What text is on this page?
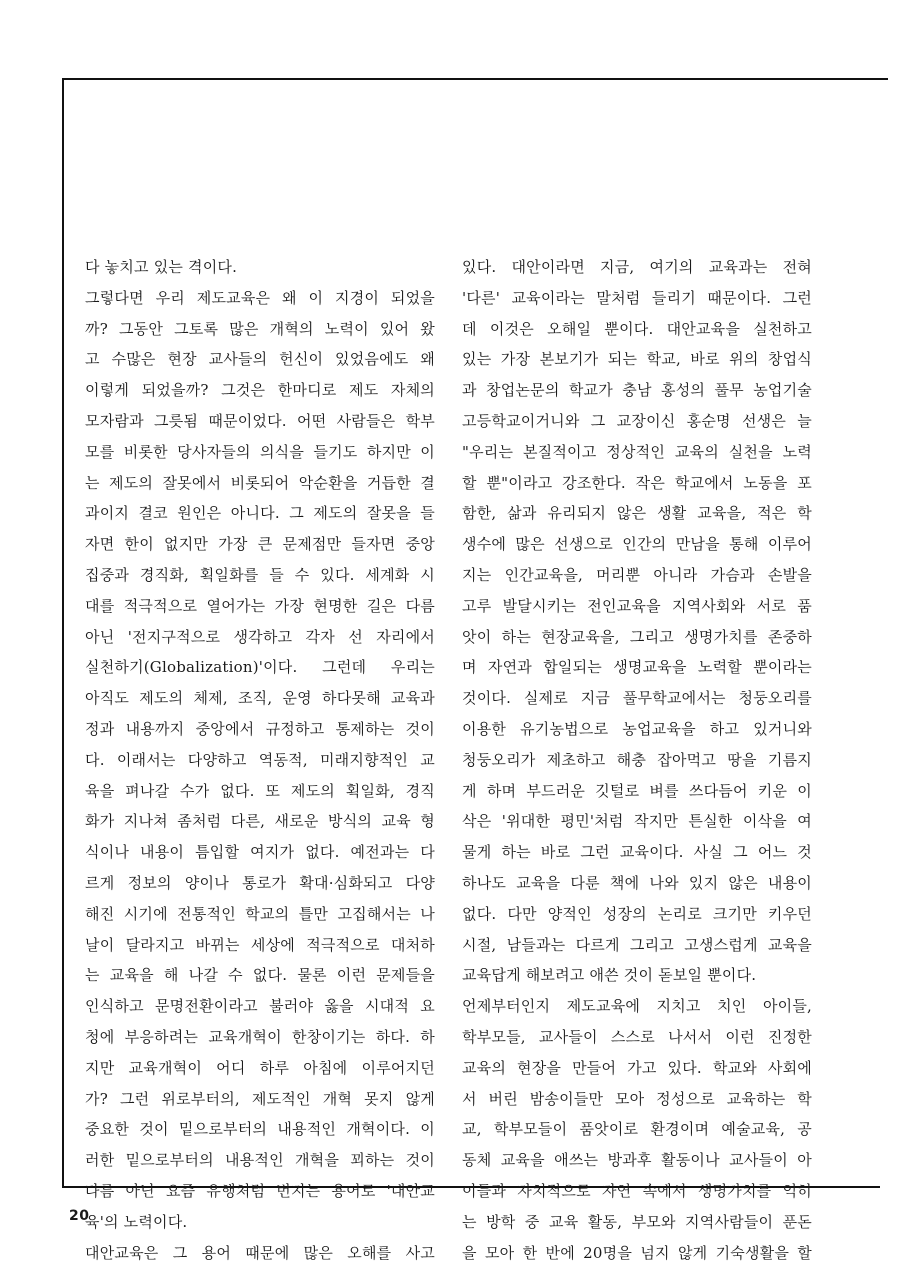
다 놓치고 있는 격이다.
그렇다면 우리 제도교육은 왜 이 지경이 되었을
까? 그동안 그토록 많은 개혁의 노력이 있어 왔
고 수많은 현장 교사들의 헌신이 있었음에도 왜
이렇게 되었을까? 그것은 한마디로 제도 자체의
모자람과 그릇됨 때문이었다. 어떤 사람들은 학부
모를 비롯한 당사자들의 의식을 들기도 하지만 이
는 제도의 잘못에서 비롯되어 악순환을 거듭한 결
과이지 결코 원인은 아니다. 그 제도의 잘못을 들
자면 한이 없지만 가장 큰 문제점만 들자면 중앙
집중과 경직화, 획일화를 들 수 있다. 세계화 시
대를 적극적으로 열어가는 가장 현명한 길은 다름
아닌 '전지구적으로 생각하고 각자 선 자리에서
실천하기(Globalization)'이다. 그런데 우리는
아직도 제도의 체제, 조직, 운영 하다못해 교육과
정과 내용까지 중앙에서 규정하고 통제하는 것이
다. 이래서는 다양하고 역동적, 미래지향적인 교
육을 펴나갈 수가 없다. 또 제도의 획일화, 경직
화가 지나쳐 좀처럼 다른, 새로운 방식의 교육 형
식이나 내용이 틈입할 여지가 없다. 예전과는 다
르게 정보의 양이나 통로가 확대·심화되고 다양
해진 시기에 전통적인 학교의 틀만 고집해서는 나
날이 달라지고 바뀌는 세상에 적극적으로 대처하
는 교육을 해 나갈 수 없다. 물론 이런 문제들을
인식하고 문명전환이라고 불러야 옳을 시대적 요
청에 부응하려는 교육개혁이 한창이기는 하다. 하
지만 교육개혁이 어디 하루 아침에 이루어지던
가? 그런 위로부터의, 제도적인 개혁 못지 않게
중요한 것이 밑으로부터의 내용적인 개혁이다. 이
러한 밑으로부터의 내용적인 개혁을 꾀하는 것이
다름 아닌 요즘 유행처럼 번지는 용어로 '대안교
육'의 노력이다.
대안교육은 그 용어 때문에 많은 오해를 사고
있다. 대안이라면 지금, 여기의 교육과는 전혀
'다른' 교육이라는 말처럼 들리기 때문이다. 그런
데 이것은 오해일 뿐이다. 대안교육을 실천하고
있는 가장 본보기가 되는 학교, 바로 위의 창업식
과 창업논문의 학교가 충남 홍성의 풀무 농업기술
고등학교이거니와 그 교장이신 홍순명 선생은 늘
"우리는 본질적이고 정상적인 교육의 실천을 노력
할 뿐"이라고 강조한다. 작은 학교에서 노동을 포
함한, 삶과 유리되지 않은 생활 교육을, 적은 학
생수에 많은 선생으로 인간의 만남을 통해 이루어
지는 인간교육을, 머리뿐 아니라 가슴과 손발을
고루 발달시키는 전인교육을 지역사회와 서로 품
앗이 하는 현장교육을, 그리고 생명가치를 존중하
며 자연과 합일되는 생명교육을 노력할 뿐이라는
것이다. 실제로 지금 풀무학교에서는 청둥오리를
이용한 유기농법으로 농업교육을 하고 있거니와
청둥오리가 제초하고 해충 잡아먹고 땅을 기름지
게 하며 부드러운 깃털로 벼를 쓰다듬어 키운 이
삭은 '위대한 평민'처럼 작지만 튼실한 이삭을 여
물게 하는 바로 그런 교육이다. 사실 그 어느 것
하나도 교육을 다룬 책에 나와 있지 않은 내용이
없다. 다만 양적인 성장의 논리로 크기만 키우던
시절, 남들과는 다르게 그리고 고생스럽게 교육을
교육답게 해보려고 애쓴 것이 돋보일 뿐이다.
언제부터인지 제도교육에 지치고 치인 아이들,
학부모들, 교사들이 스스로 나서서 이런 진정한
교육의 현장을 만들어 가고 있다. 학교와 사회에
서 버린 밤송이들만 모아 정성으로 교육하는 학
교, 학부모들이 품앗이로 환경이며 예술교육, 공
동체 교육을 애쓰는 방과후 활동이나 교사들이 아
이들과 자치적으로 자연 속에서 생명가치를 익히
는 방학 중 교육 활동, 부모와 지역사람들이 푼돈
을 모아 한 반에 20명을 넘지 않게 기숙생활을 할
20
